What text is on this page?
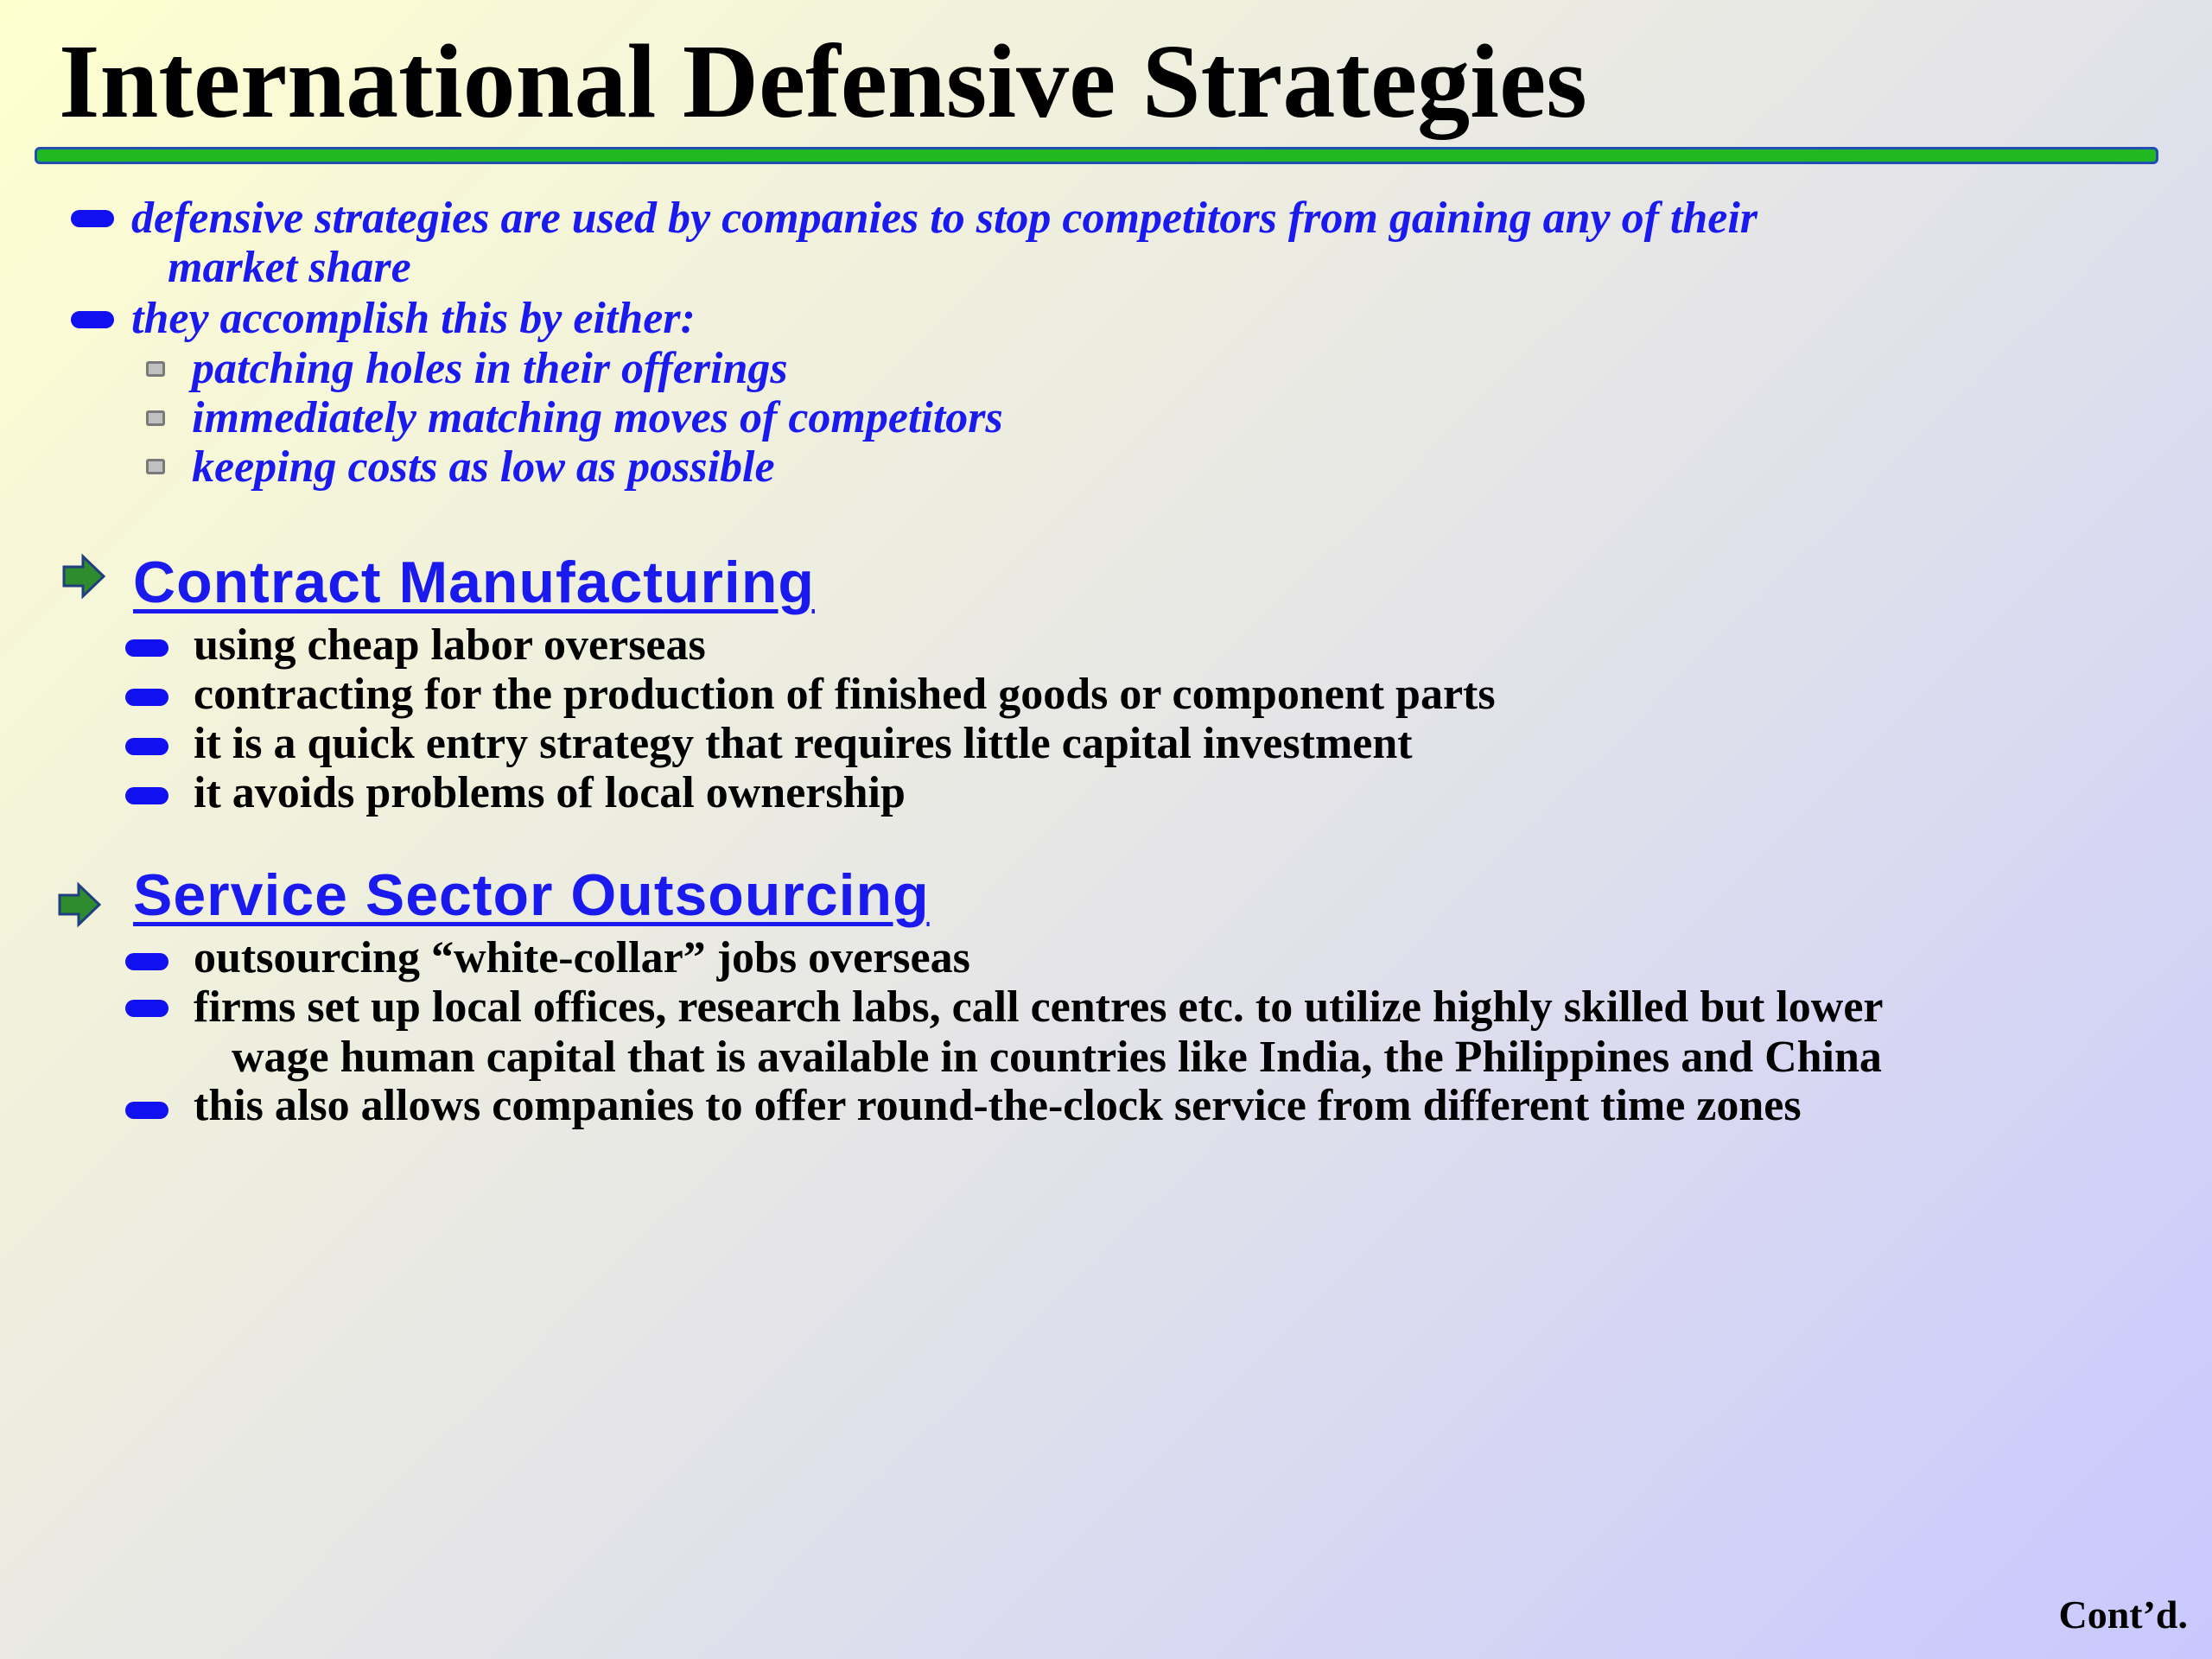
International Defensive Strategies
defensive strategies are used by companies to stop competitors from gaining any of their
market share
they accomplish this by either:
patching holes in their offerings
immediately matching moves of competitors
keeping costs as low as possible
Contract Manufacturing
using cheap labor overseas
contracting for the production of finished goods or component parts
it is a quick entry strategy that requires little capital investment
it avoids problems of local ownership
Service Sector Outsourcing
outsourcing “white-collar” jobs overseas
firms set up local offices, research labs, call centres etc. to utilize highly skilled but lower
wage human capital that is available in countries like India, the Philippines and China
this also allows companies to offer round-the-clock service from different time zones
Cont’d.
